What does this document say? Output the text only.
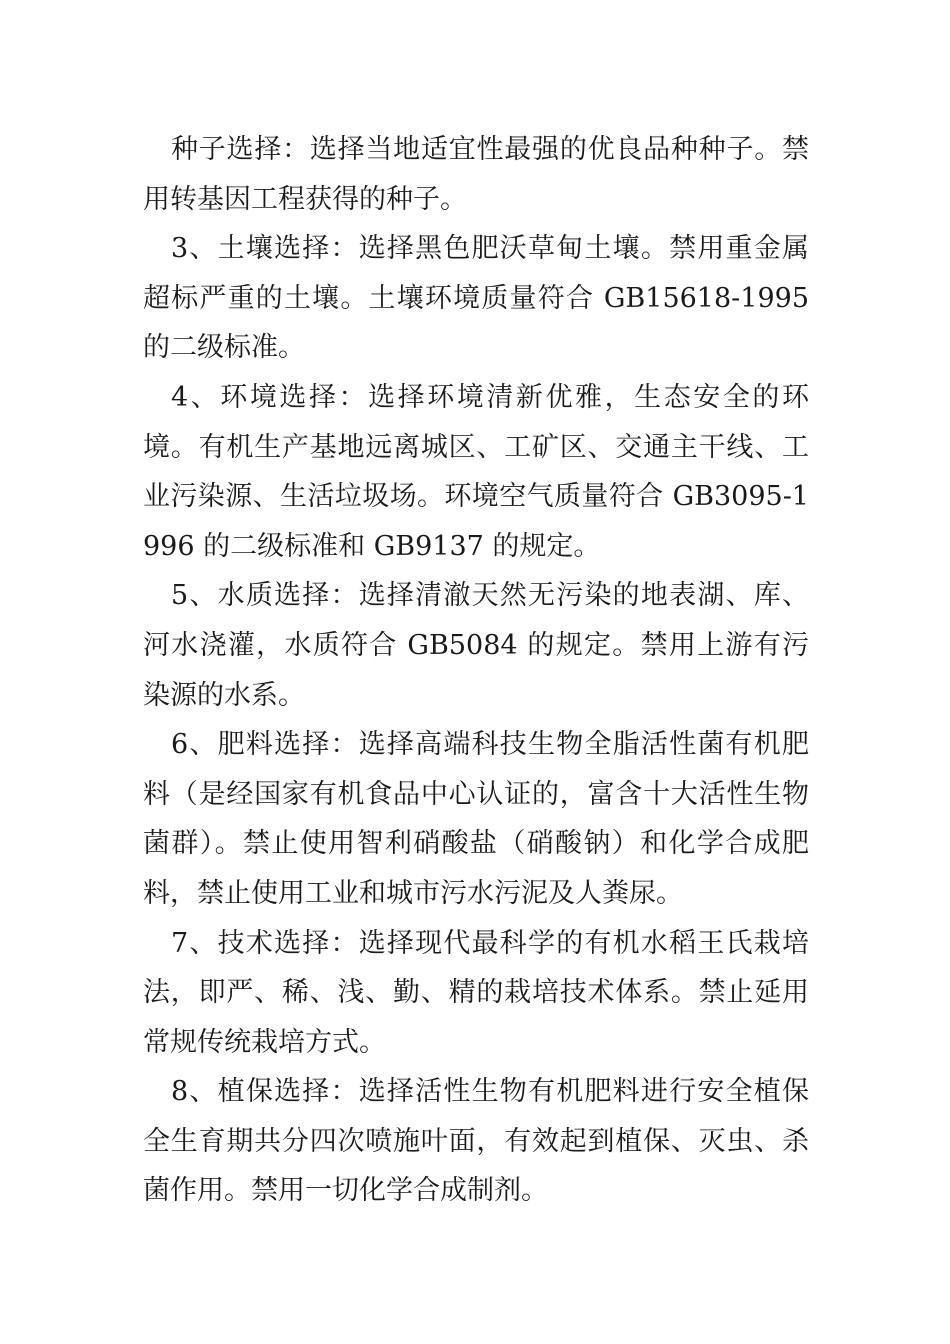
种子选择：选择当地适宜性最强的优良品种种子。禁用转基因工程获得的种子。

3、土壤选择：选择黑色肥沃草甸土壤。禁用重金属超标严重的土壤。土壤环境质量符合 GB15618-1995 的二级标准。

4、环境选择：选择环境清新优雅，生态安全的环境。有机生产基地远离城区、工矿区、交通主干线、工业污染源、生活垃圾场。环境空气质量符合 GB3095-1996 的二级标准和 GB9137 的规定。

5、水质选择：选择清澈天然无污染的地表湖、库、河水浇灌，水质符合 GB5084 的规定。禁用上游有污染源的水系。

6、肥料选择：选择高端科技生物全脂活性菌有机肥料（是经国家有机食品中心认证的，富含十大活性生物菌群）。禁止使用智利硝酸盐（硝酸钠）和化学合成肥料，禁止使用工业和城市污水污泥及人粪尿。

7、技术选择：选择现代最科学的有机水稻王氏栽培法，即严、稀、浅、勤、精的栽培技术体系。禁止延用常规传统栽培方式。

8、植保选择：选择活性生物有机肥料进行安全植保全生育期共分四次喷施叶面，有效起到植保、灭虫、杀菌作用。禁用一切化学合成制剂。
